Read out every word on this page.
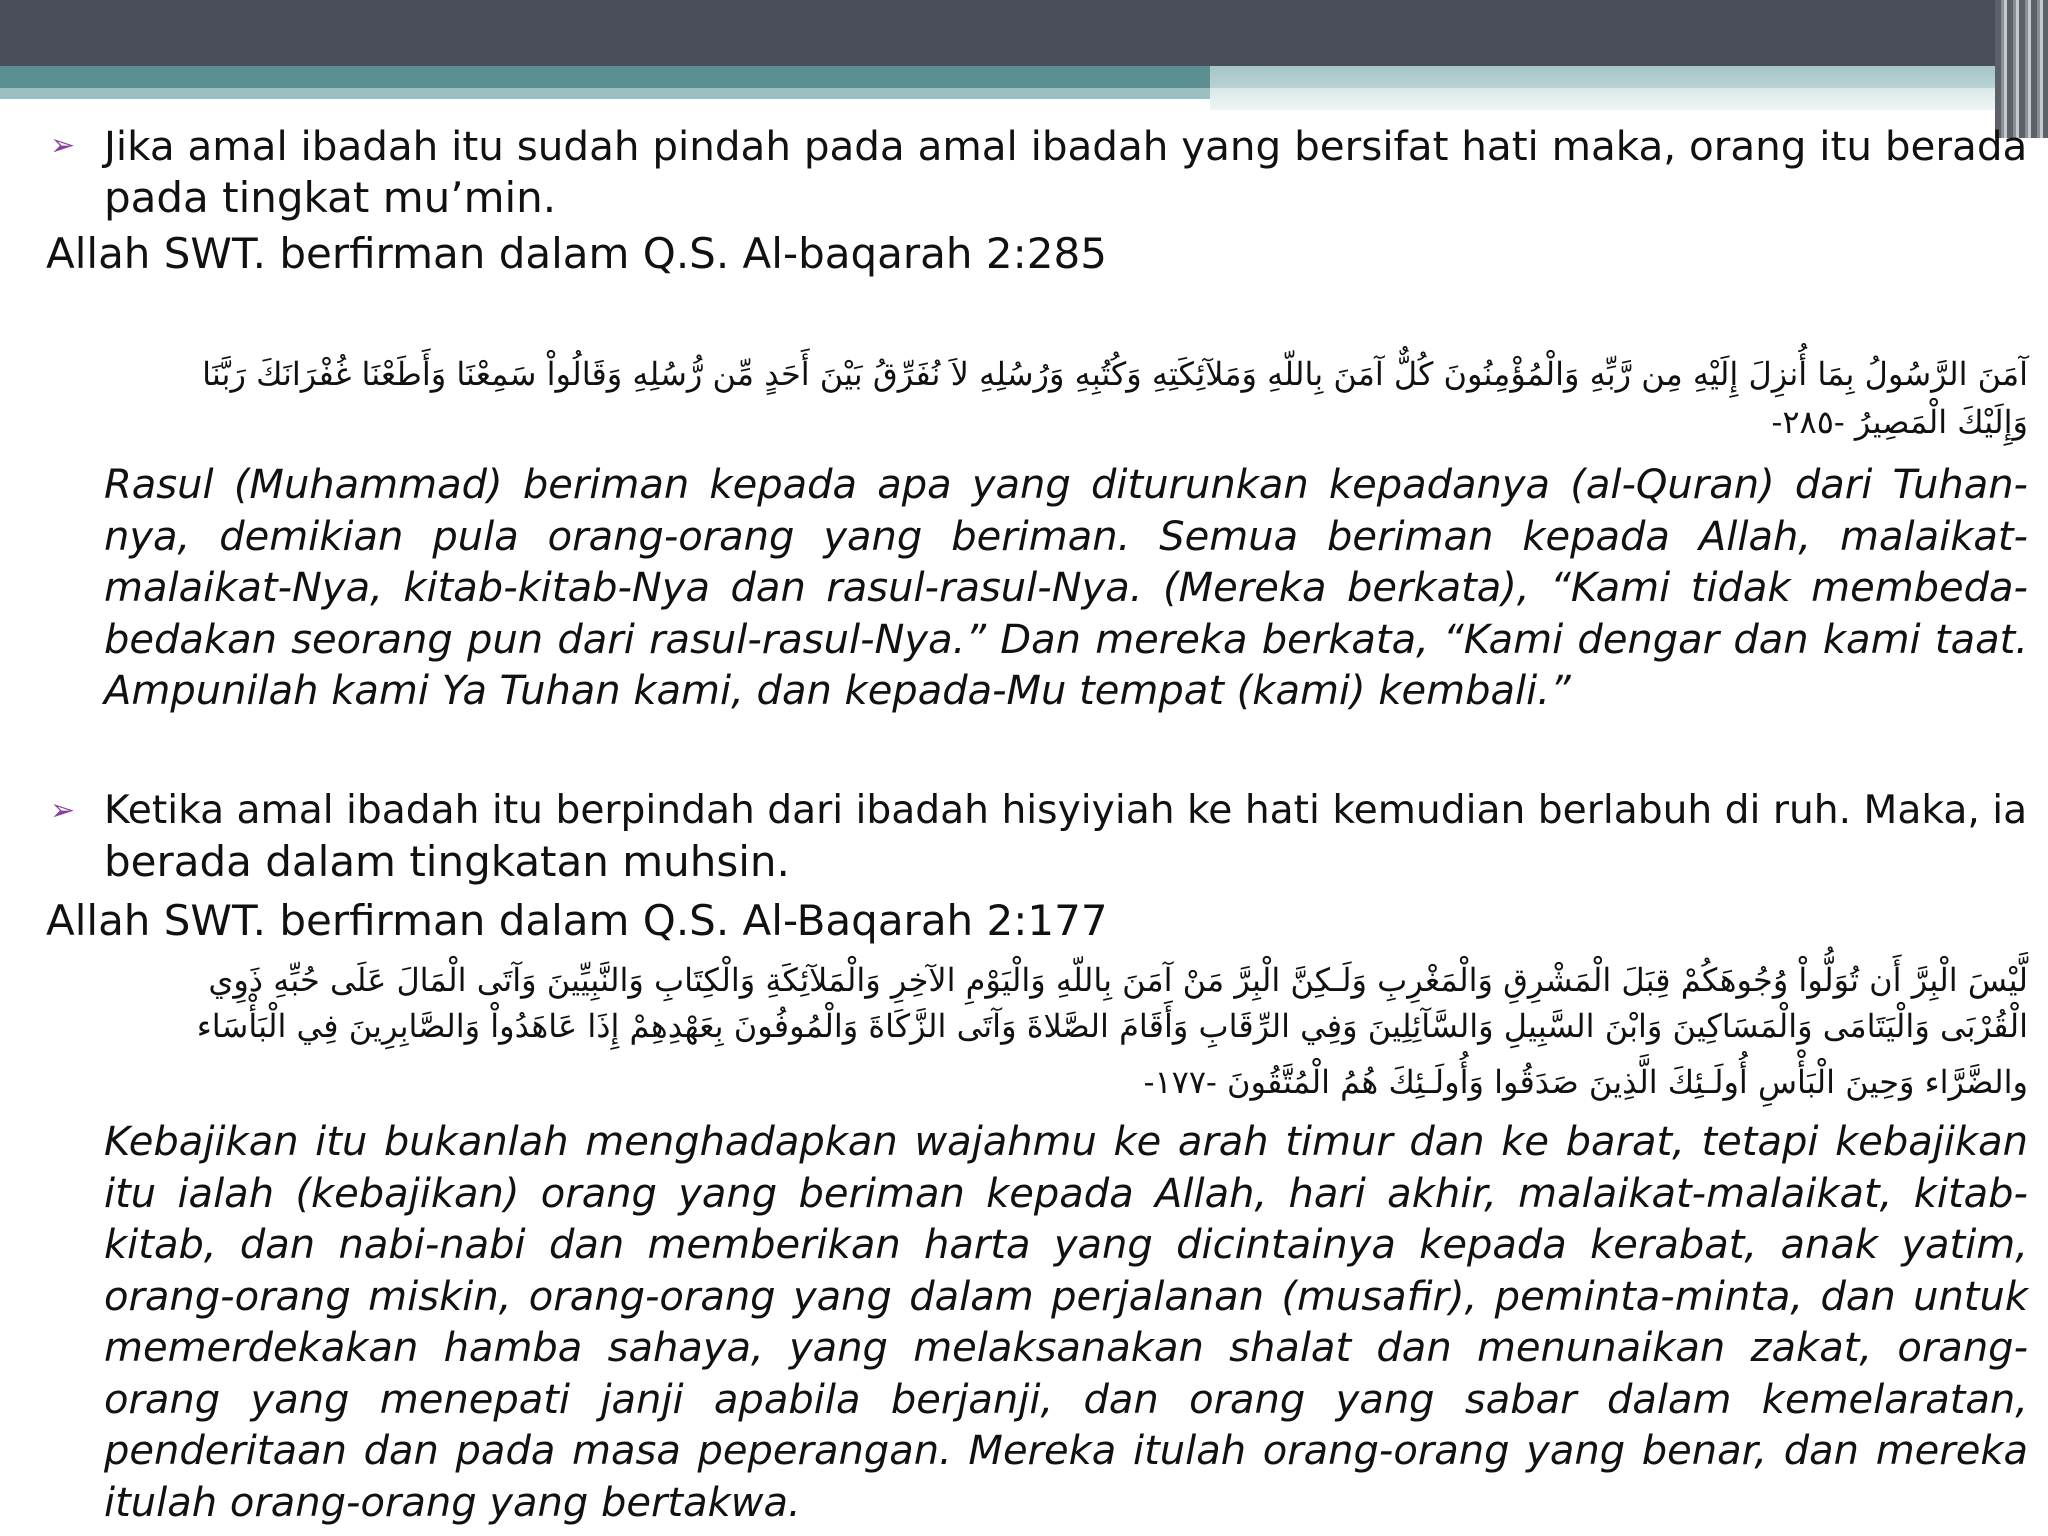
➢ Jika amal ibadah itu sudah pindah pada amal ibadah yang bersifat hati maka, orang itu berada
pada tingkat mu’min.
Allah SWT. berfirman dalam Q.S. Al-baqarah 2:285
آمَنَ الرَّسُولُ بِمَا أُنزِلَ إِلَيْهِ مِن رَّبِّهِ وَالْمُؤْمِنُونَ كُلٌّ آمَنَ بِاللّهِ وَمَلآئِكَتِهِ وَكُتُبِهِ وَرُسُلِهِ لاَ نُفَرِّقُ بَيْنَ أَحَدٍ مِّن رُّسُلِهِ وَقَالُواْ سَمِعْنَا وَأَطَعْنَا غُفْرَانَكَ رَبَّنَا
وَإِلَيْكَ الْمَصِيرُ -٢٨٥-
Rasul (Muhammad) beriman kepada apa yang diturunkan kepadanya (al-Quran) dari Tuhan-nya, demikian pula orang-orang yang beriman. Semua beriman kepada Allah, malaikat-malaikat-Nya, kitab-kitab-Nya dan rasul-rasul-Nya. (Mereka berkata), “Kami tidak membeda-bedakan seorang pun dari rasul-rasul-Nya.” Dan mereka berkata, “Kami dengar dan kami taat. Ampunilah kami Ya Tuhan kami, dan kepada-Mu tempat (kami) kembali.”
➢ Ketika amal ibadah itu berpindah dari ibadah hisyiyiah ke hati kemudian berlabuh di ruh. Maka, ia
berada dalam tingkatan muhsin.
Allah SWT. berfirman dalam Q.S. Al-Baqarah 2:177
لَّيْسَ الْبِرَّ أَن تُوَلُّواْ وُجُوهَكُمْ قِبَلَ الْمَشْرِقِ وَالْمَغْرِبِ وَلَـكِنَّ الْبِرَّ مَنْ آمَنَ بِاللّهِ وَالْيَوْمِ الآخِرِ وَالْمَلآئِكَةِ وَالْكِتَابِ وَالنَّبِيِّينَ وَآتَى الْمَالَ عَلَى حُبِّهِ ذَوِي
الْقُرْبَى وَالْيَتَامَى وَالْمَسَاكِينَ وَابْنَ السَّبِيلِ وَالسَّآئِلِينَ وَفِي الرِّقَابِ وَأَقَامَ الصَّلاةَ وَآتَى الزَّكَاةَ وَالْمُوفُونَ بِعَهْدِهِمْ إِذَا عَاهَدُواْ وَالصَّابِرِينَ فِي الْبَأْسَاء
والضَّرَّاء وَحِينَ الْبَأْسِ أُولَـئِكَ الَّذِينَ صَدَقُوا وَأُولَـئِكَ هُمُ الْمُتَّقُونَ -١٧٧-
Kebajikan itu bukanlah menghadapkan wajahmu ke arah timur dan ke barat, tetapi kebajikan itu ialah (kebajikan) orang yang beriman kepada Allah, hari akhir, malaikat-malaikat, kitab-kitab, dan nabi-nabi dan memberikan harta yang dicintainya kepada kerabat, anak yatim, orang-orang miskin, orang-orang yang dalam perjalanan (musafir), peminta-minta, dan untuk memerdekakan hamba sahaya, yang melaksanakan shalat dan menunaikan zakat, orang-orang yang menepati janji apabila berjanji, dan orang yang sabar dalam kemelaratan, penderitaan dan pada masa peperangan. Mereka itulah orang-orang yang benar, dan mereka itulah orang-orang yang bertakwa.
